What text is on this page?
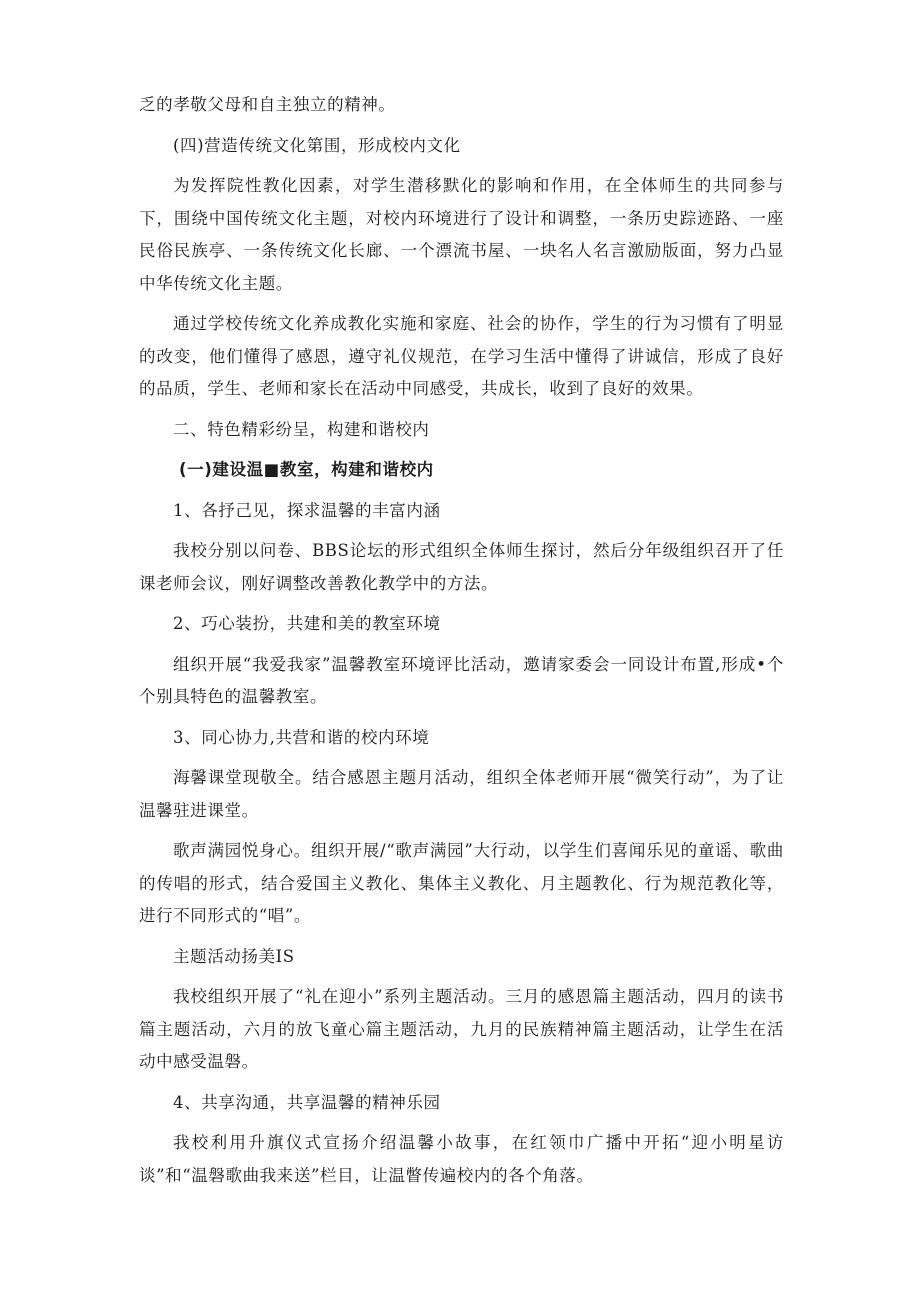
乏的孝敬父母和自主独立的精神。

(四)营造传统文化第围，形成校内文化

为发挥院性教化因素，对学生潜移默化的影响和作用，在全体师生的共同参与下，围绕中国传统文化主题，对校内环境进行了设计和调整，一条历史踪迹路、一座民俗民族亭、一条传统文化长廊、一个漂流书屋、一块名人名言激励版面，努力凸显中华传统文化主题。

通过学校传统文化养成教化实施和家庭、社会的协作，学生的行为习惯有了明显的改变，他们懂得了感恩，遵守礼仪规范，在学习生活中懂得了讲诚信，形成了良好的品质，学生、老师和家长在活动中同感受，共成长，收到了良好的效果。

二、特色精彩纷呈，构建和谐校内

(一)建设温■教室，构建和谐校内

1、各抒己见，探求温馨的丰富内涵

我校分别以问卷、BBS论坛的形式组织全体师生探讨，然后分年级组织召开了任课老师会议，刚好调整改善教化教学中的方法。

2、巧心装扮，共建和美的教室环境

组织开展“我爱我家”温馨教室环境评比活动，邀请家委会一同设计布置,形成•个个别具特色的温馨教室。

3、同心协力,共营和谐的校内环境

海馨课堂现敬全。结合感恩主题月活动，组织全体老师开展“微笑行动”，为了让温馨驻进课堂。

歌声满园悦身心。组织开展/“歌声满园”大行动，以学生们喜闻乐见的童谣、歌曲的传唱的形式，结合爱国主义教化、集体主义教化、月主题教化、行为规范教化等，进行不同形式的“唱”。

主题活动扬美IS

我校组织开展了“礼在迎小”系列主题活动。三月的感恩篇主题活动，四月的读书篇主题活动，六月的放飞童心篇主题活动，九月的民族精神篇主题活动，让学生在活动中感受温磐。

4、共享沟通，共享温馨的精神乐园

我校利用升旗仪式宣扬介绍温馨小故事，在红领巾广播中开拓“迎小明星访谈”和“温磐歌曲我来送”栏目，让温瞥传遍校内的各个角落。
